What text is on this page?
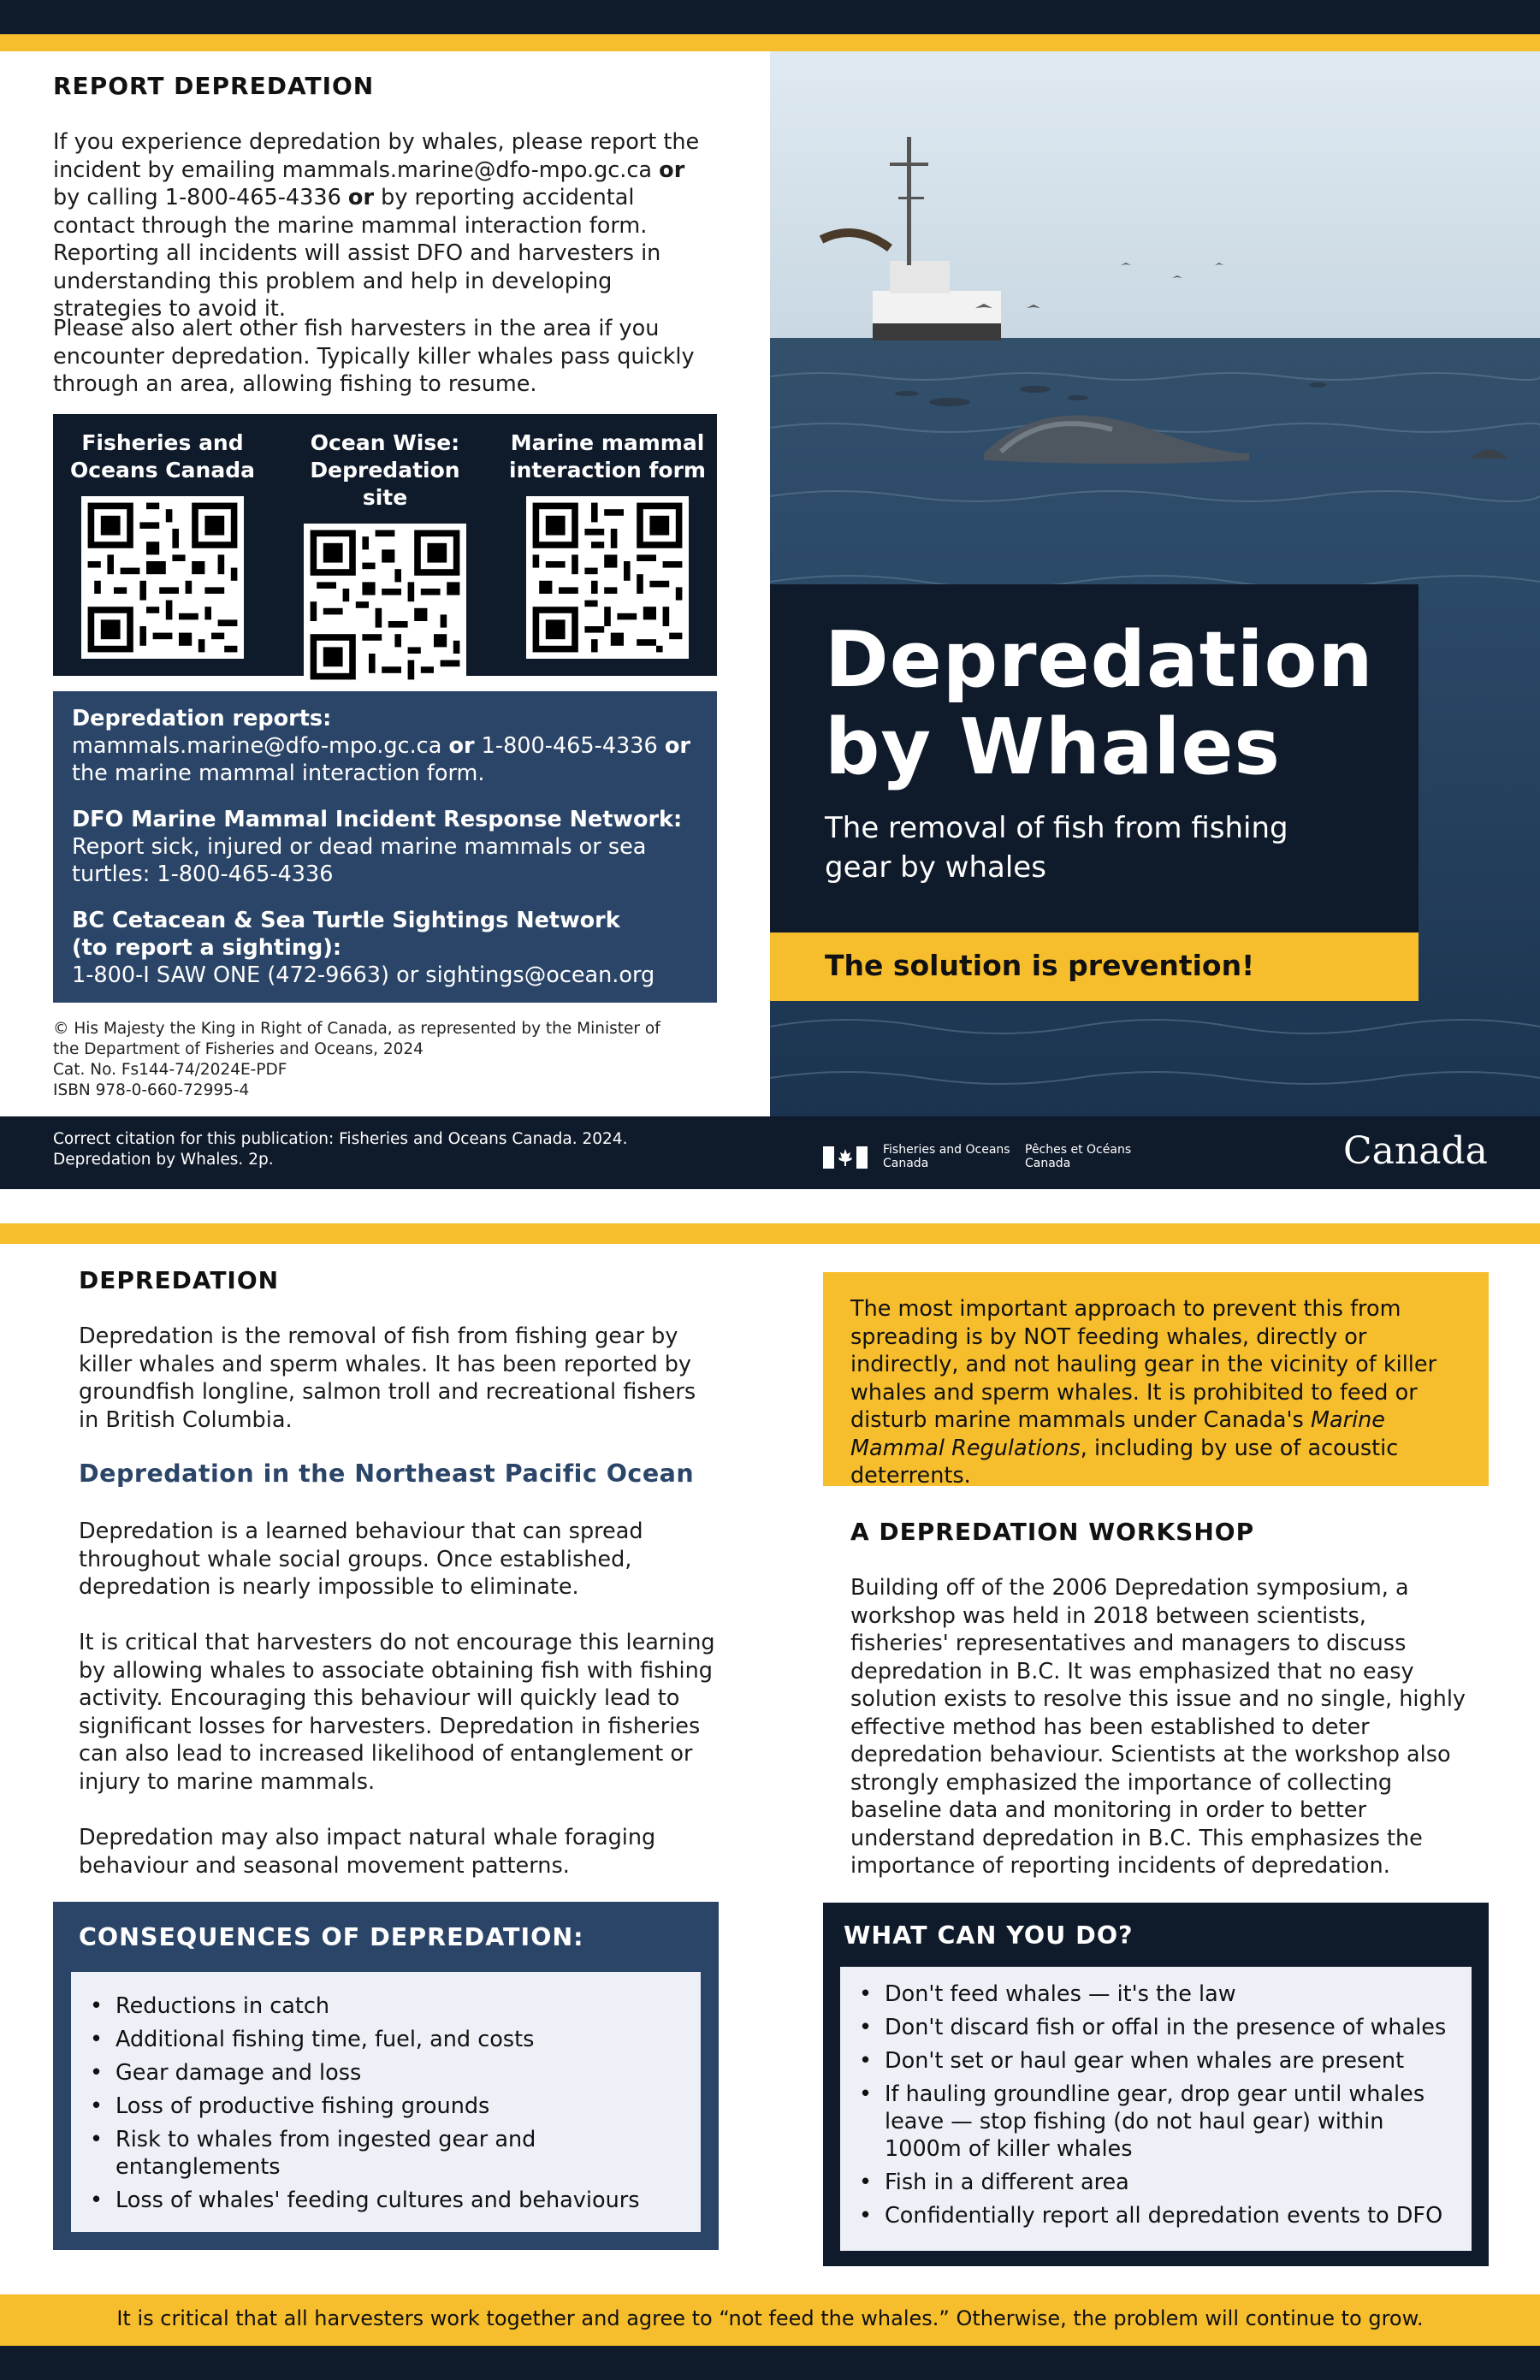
REPORT DEPREDATION

If you experience depredation by whales, please report the incident by emailing mammals.marine@dfo-mpo.gc.ca or by calling 1-800-465-4336 or by reporting accidental contact through the marine mammal interaction form. Reporting all incidents will assist DFO and harvesters in understanding this problem and help in developing strategies to avoid it.

Please also alert other fish harvesters in the area if you encounter depredation. Typically killer whales pass quickly through an area, allowing fishing to resume.

Fisheries and
Oceans Canada
Ocean Wise:
Depredation site
Marine mammal
interaction form
Depredation reports:
mammals.marine@dfo-mpo.gc.ca or 1-800-465-4336 or the marine mammal interaction form.
DFO Marine Mammal Incident Response Network:
Report sick, injured or dead marine mammals or sea turtles: 1-800-465-4336
BC Cetacean & Sea Turtle Sightings Network
(to report a sighting):
1-800-I SAW ONE (472-9663) or sightings@ocean.org
© His Majesty the King in Right of Canada, as represented by the Minister of
the Department of Fisheries and Oceans, 2024
Cat. No. Fs144-74/2024E-PDF
ISBN 978-0-660-72995-4
Depredation
by Whales
The removal of fish from fishing gear by whales
The solution is prevention!
Correct citation for this publication: Fisheries and Oceans Canada. 2024.
Depredation by Whales. 2p.
Fisheries and Oceans
Canada
Pêches et Océans
Canada	Canada
DEPREDATION

Depredation is the removal of fish from fishing gear by killer whales and sperm whales. It has been reported by groundfish longline, salmon troll and recreational fishers in British Columbia.

Depredation in the Northeast Pacific Ocean

Depredation is a learned behaviour that can spread throughout whale social groups. Once established, depredation is nearly impossible to eliminate.

It is critical that harvesters do not encourage this learning by allowing whales to associate obtaining fish with fishing activity. Encouraging this behaviour will quickly lead to significant losses for harvesters. Depredation in fisheries can also lead to increased likelihood of entanglement or injury to marine mammals.

Depredation may also impact natural whale foraging behaviour and seasonal movement patterns.

CONSEQUENCES OF DEPREDATION:
• Reductions in catch
• Additional fishing time, fuel, and costs
• Gear damage and loss
• Loss of productive fishing grounds
• Risk to whales from ingested gear and entanglements
• Loss of whales' feeding cultures and behaviours

The most important approach to prevent this from spreading is by NOT feeding whales, directly or indirectly, and not hauling gear in the vicinity of killer whales and sperm whales. It is prohibited to feed or disturb marine mammals under Canada's Marine Mammal Regulations, including by use of acoustic deterrents.

A DEPREDATION WORKSHOP

Building off of the 2006 Depredation symposium, a workshop was held in 2018 between scientists, fisheries' representatives and managers to discuss depredation in B.C. It was emphasized that no easy solution exists to resolve this issue and no single, highly effective method has been established to deter depredation behaviour. Scientists at the workshop also strongly emphasized the importance of collecting baseline data and monitoring in order to better understand depredation in B.C. This emphasizes the importance of reporting incidents of depredation.

WHAT CAN YOU DO?
• Don't feed whales — it's the law
• Don't discard fish or offal in the presence of whales
• Don't set or haul gear when whales are present
• If hauling groundline gear, drop gear until whales leave — stop fishing (do not haul gear) within 1000m of killer whales
• Fish in a different area
• Confidentially report all depredation events to DFO
It is critical that all harvesters work together and agree to “not feed the whales.” Otherwise, the problem will continue to grow.
